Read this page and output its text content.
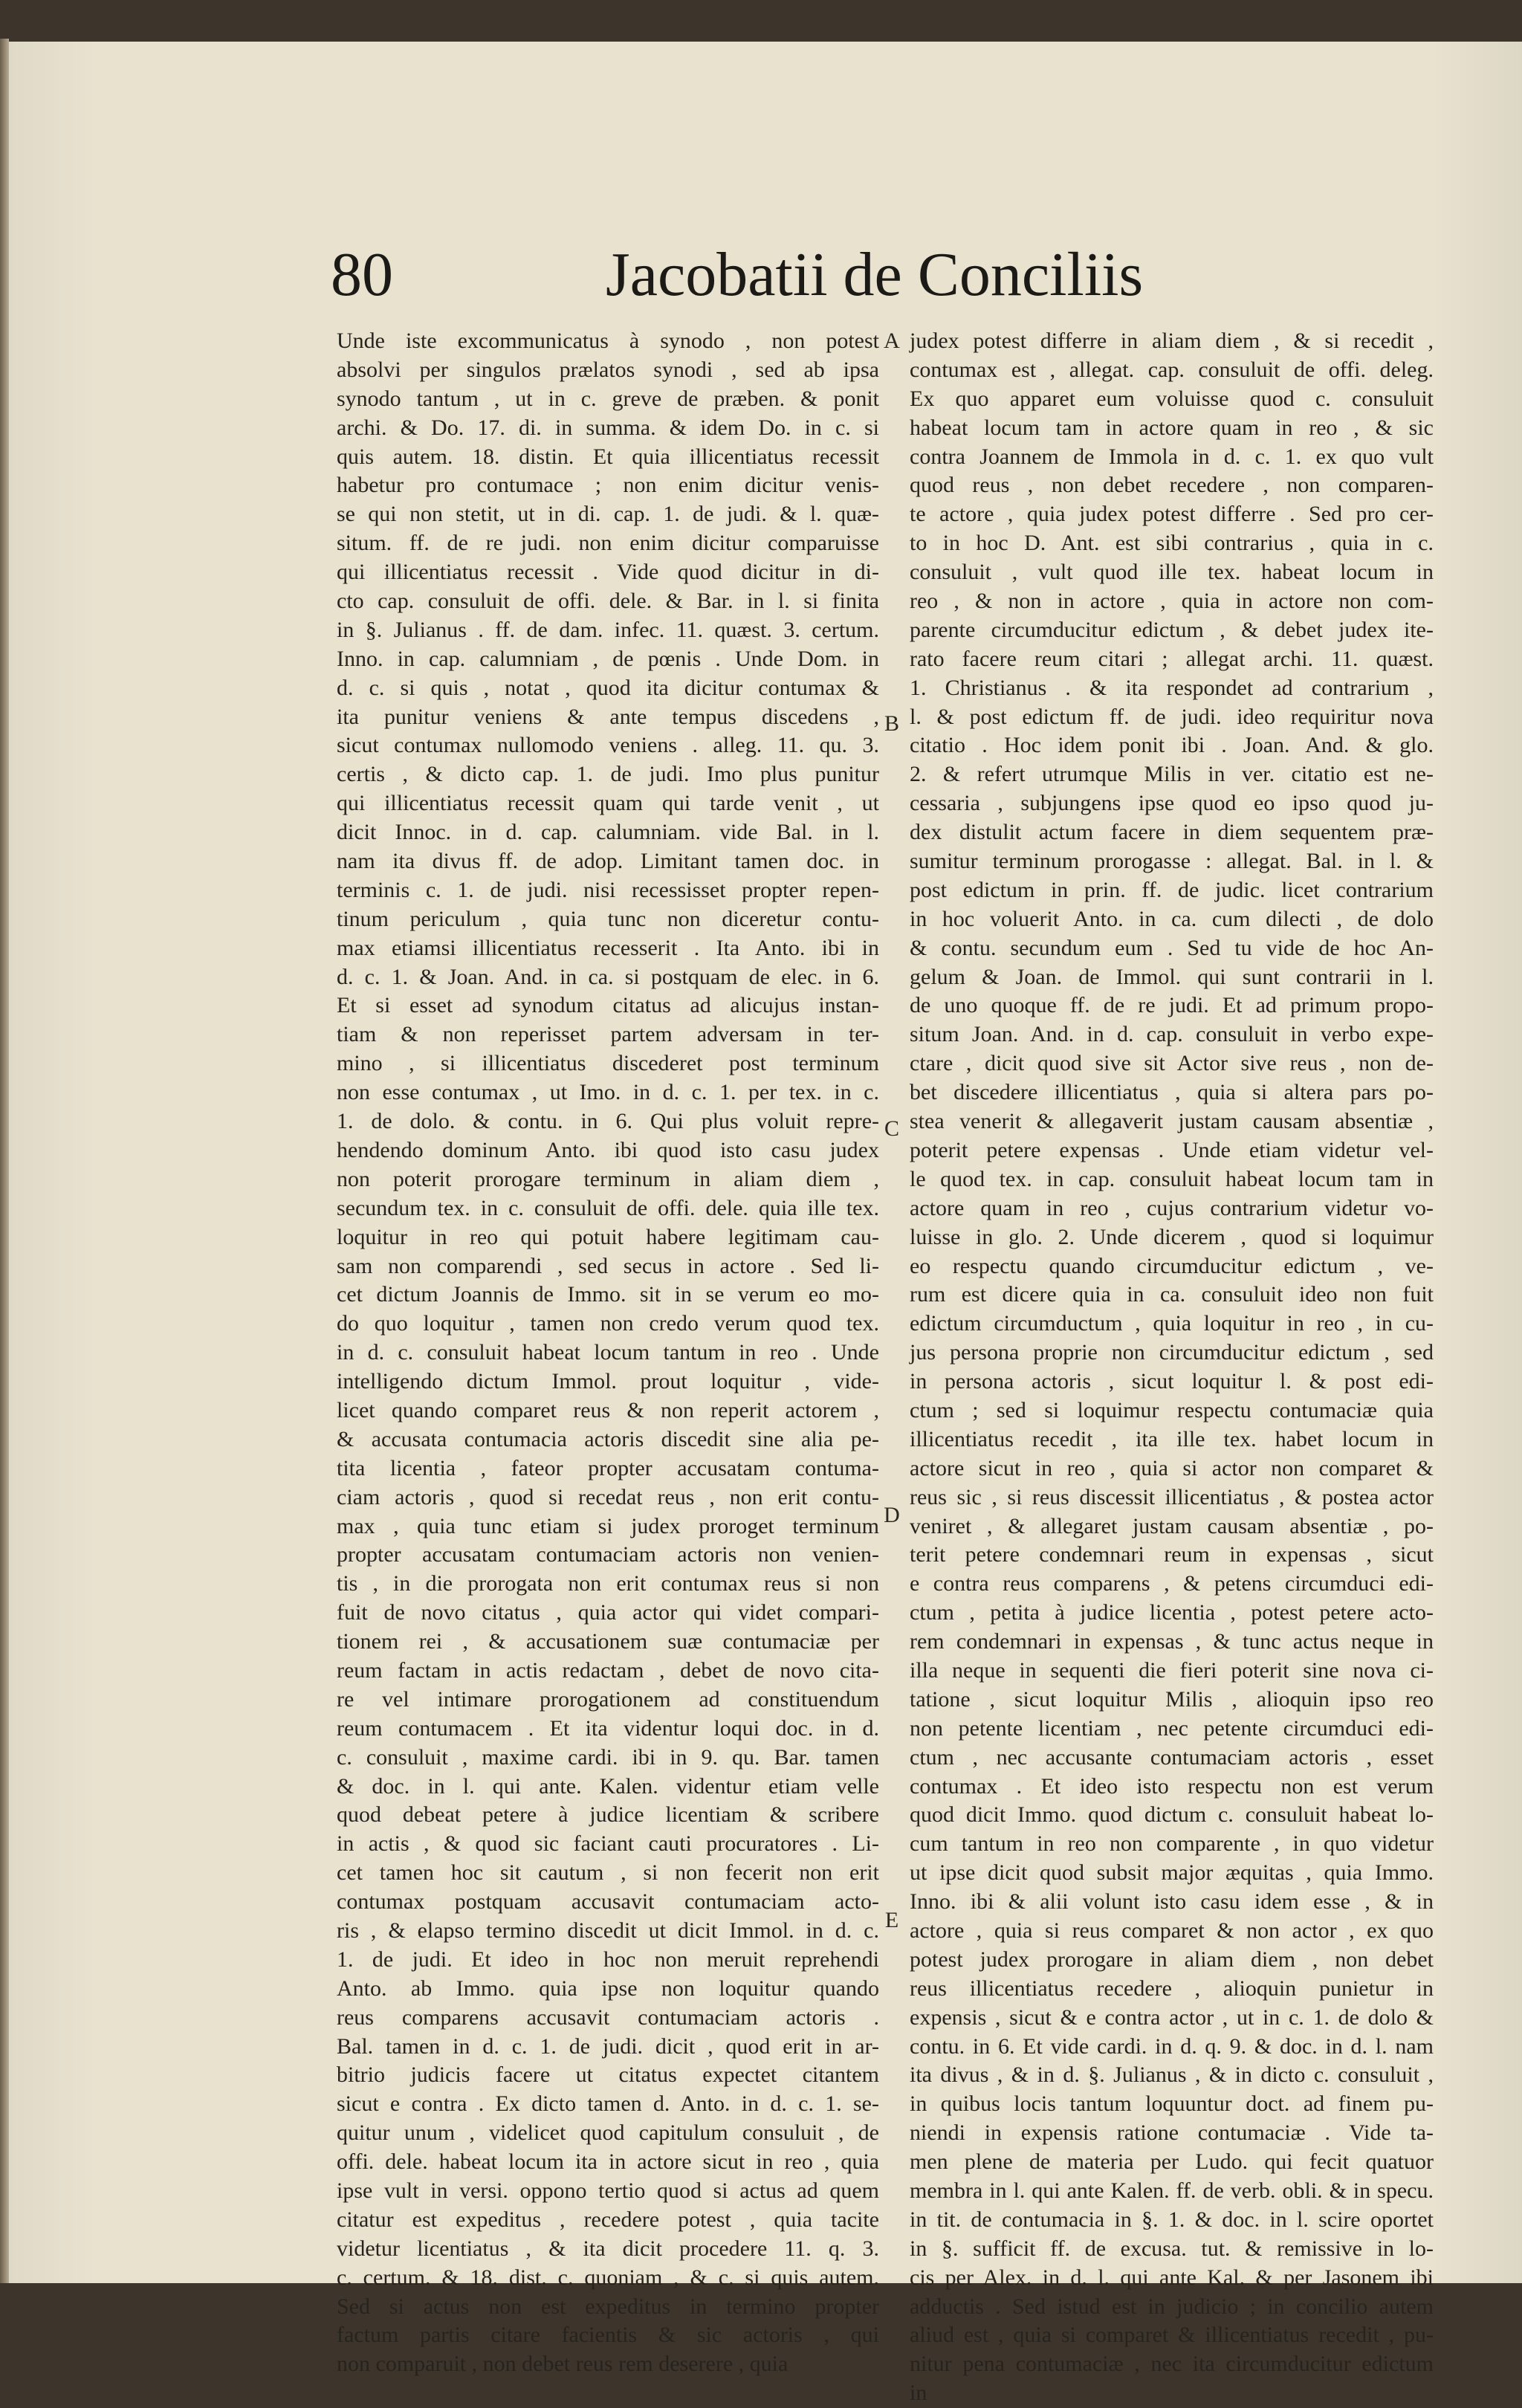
80	Jacobatii de Conciliis
Unde iste excommunicatus à synodo , non potest
absolvi per singulos prælatos synodi , sed ab ipsa
synodo tantum , ut in c. greve de præben. & ponit
archi. & Do. 17. di. in summa. & idem Do. in c. si
quis autem. 18. distin. Et quia illicentiatus recessit
habetur pro contumace ; non enim dicitur venis-
se qui non stetit, ut in di. cap. 1. de judi. & l. quæ-
situm. ff. de re judi. non enim dicitur comparuisse
qui illicentiatus recessit . Vide quod dicitur in di-
cto cap. consuluit de offi. dele. & Bar. in l. si finita
in §. Julianus . ff. de dam. infec. 11. quæst. 3. certum.
Inno. in cap. calumniam , de pœnis . Unde Dom. in
d. c. si quis , notat , quod ita dicitur contumax &
ita punitur veniens & ante tempus discedens ,
sicut contumax nullomodo veniens . alleg. 11. qu. 3.
certis , & dicto cap. 1. de judi. Imo plus punitur
qui illicentiatus recessit quam qui tarde venit , ut
dicit Innoc. in d. cap. calumniam. vide Bal. in l.
nam ita divus ff. de adop. Limitant tamen doc. in
terminis c. 1. de judi. nisi recessisset propter repen-
tinum periculum , quia tunc non diceretur contu-
max etiamsi illicentiatus recesserit . Ita Anto. ibi in
d. c. 1. & Joan. And. in ca. si postquam de elec. in 6.
Et si esset ad synodum citatus ad alicujus instan-
tiam & non reperisset partem adversam in ter-
mino , si illicentiatus discederet post terminum
non esse contumax , ut Imo. in d. c. 1. per tex. in c.
1. de dolo. & contu. in 6. Qui plus voluit repre-
hendendo dominum Anto. ibi quod isto casu judex
non poterit prorogare terminum in aliam diem ,
secundum tex. in c. consuluit de offi. dele. quia ille tex.
loquitur in reo qui potuit habere legitimam cau-
sam non comparendi , sed secus in actore . Sed li-
cet dictum Joannis de Immo. sit in se verum eo mo-
do quo loquitur , tamen non credo verum quod tex.
in d. c. consuluit habeat locum tantum in reo . Unde
intelligendo dictum Immol. prout loquitur , vide-
licet quando comparet reus & non reperit actorem ,
& accusata contumacia actoris discedit sine alia pe-
tita licentia , fateor propter accusatam contuma-
ciam actoris , quod si recedat reus , non erit contu-
max , quia tunc etiam si judex proroget terminum
propter accusatam contumaciam actoris non venien-
tis , in die prorogata non erit contumax reus si non
fuit de novo citatus , quia actor qui videt compari-
tionem rei , & accusationem suæ contumaciæ per
reum factam in actis redactam , debet de novo cita-
re vel intimare prorogationem ad constituendum
reum contumacem . Et ita videntur loqui doc. in d.
c. consuluit , maxime cardi. ibi in 9. qu. Bar. tamen
& doc. in l. qui ante. Kalen. videntur etiam velle
quod debeat petere à judice licentiam & scribere
in actis , & quod sic faciant cauti procuratores . Li-
cet tamen hoc sit cautum , si non fecerit non erit
contumax postquam accusavit contumaciam acto-
ris , & elapso termino discedit ut dicit Immol. in d. c.
1. de judi. Et ideo in hoc non meruit reprehendi
Anto. ab Immo. quia ipse non loquitur quando
reus comparens accusavit contumaciam actoris .
Bal. tamen in d. c. 1. de judi. dicit , quod erit in ar-
bitrio judicis facere ut citatus expectet citantem
sicut e contra . Ex dicto tamen d. Anto. in d. c. 1. se-
quitur unum , videlicet quod capitulum consuluit , de
offi. dele. habeat locum ita in actore sicut in reo , quia
ipse vult in versi. oppono tertio quod si actus ad quem
citatur est expeditus , recedere potest , quia tacite
videtur licentiatus , & ita dicit procedere 11. q. 3.
c. certum. & 18. dist. c. quoniam , & c. si quis autem.
Sed si actus non est expeditus in termino propter
factum partis citare facientis & sic actoris , qui
non comparuit , non debet reus rem deserere , quia
judex potest differre in aliam diem , & si recedit ,
contumax est , allegat. cap. consuluit de offi. deleg.
Ex quo apparet eum voluisse quod c. consuluit
habeat locum tam in actore quam in reo , & sic
contra Joannem de Immola in d. c. 1. ex quo vult
quod reus , non debet recedere , non comparen-
te actore , quia judex potest differre . Sed pro cer-
to in hoc D. Ant. est sibi contrarius , quia in c.
consuluit , vult quod ille tex. habeat locum in
reo , & non in actore , quia in actore non com-
parente circumducitur edictum , & debet judex ite-
rato facere reum citari ; allegat archi. 11. quæst.
1. Christianus . & ita respondet ad contrarium ,
l. & post edictum ff. de judi. ideo requiritur nova
citatio . Hoc idem ponit ibi . Joan. And. & glo.
2. & refert utrumque Milis in ver. citatio est ne-
cessaria , subjungens ipse quod eo ipso quod ju-
dex distulit actum facere in diem sequentem præ-
sumitur terminum prorogasse : allegat. Bal. in l. &
post edictum in prin. ff. de judic. licet contrarium
in hoc voluerit Anto. in ca. cum dilecti , de dolo
& contu. secundum eum . Sed tu vide de hoc An-
gelum & Joan. de Immol. qui sunt contrarii in l.
de uno quoque ff. de re judi. Et ad primum propo-
situm Joan. And. in d. cap. consuluit in verbo expe-
ctare , dicit quod sive sit Actor sive reus , non de-
bet discedere illicentiatus , quia si altera pars po-
stea venerit & allegaverit justam causam absentiæ ,
poterit petere expensas . Unde etiam videtur vel-
le quod tex. in cap. consuluit habeat locum tam in
actore quam in reo , cujus contrarium videtur vo-
luisse in glo. 2. Unde dicerem , quod si loquimur
eo respectu quando circumducitur edictum , ve-
rum est dicere quia in ca. consuluit ideo non fuit
edictum circumductum , quia loquitur in reo , in cu-
jus persona proprie non circumducitur edictum , sed
in persona actoris , sicut loquitur l. & post edi-
ctum ; sed si loquimur respectu contumaciæ quia
illicentiatus recedit , ita ille tex. habet locum in
actore sicut in reo , quia si actor non comparet &
reus sic , si reus discessit illicentiatus , & postea actor
veniret , & allegaret justam causam absentiæ , po-
terit petere condemnari reum in expensas , sicut
e contra reus comparens , & petens circumduci edi-
ctum , petita à judice licentia , potest petere acto-
rem condemnari in expensas , & tunc actus neque in
illa neque in sequenti die fieri poterit sine nova ci-
tatione , sicut loquitur Milis , alioquin ipso reo
non petente licentiam , nec petente circumduci edi-
ctum , nec accusante contumaciam actoris , esset
contumax . Et ideo isto respectu non est verum
quod dicit Immo. quod dictum c. consuluit habeat lo-
cum tantum in reo non comparente , in quo videtur
ut ipse dicit quod subsit major æquitas , quia Immo.
Inno. ibi & alii volunt isto casu idem esse , & in
actore , quia si reus comparet & non actor , ex quo
potest judex prorogare in aliam diem , non debet
reus illicentiatus recedere , alioquin punietur in
expensis , sicut & e contra actor , ut in c. 1. de dolo &
contu. in 6. Et vide cardi. in d. q. 9. & doc. in d. l. nam
ita divus , & in d. §. Julianus , & in dicto c. consuluit ,
in quibus locis tantum loquuntur doct. ad finem pu-
niendi in expensis ratione contumaciæ . Vide ta-
men plene de materia per Ludo. qui fecit quatuor
membra in l. qui ante Kalen. ff. de verb. obli. & in specu.
in tit. de contumacia in §. 1. & doc. in l. scire oportet
in §. sufficit ff. de excusa. tut. & remissive in lo-
cis per Alex. in d. l. qui ante Kal. & per Jasonem ibi
adductis . Sed istud est in judicio ; in concilio autem
aliud est , quia si comparet & illicentiatus recedit , pu-
nitur pena contumaciæ , nec ita circumducitur edictum
in
A
B
C
D
E
